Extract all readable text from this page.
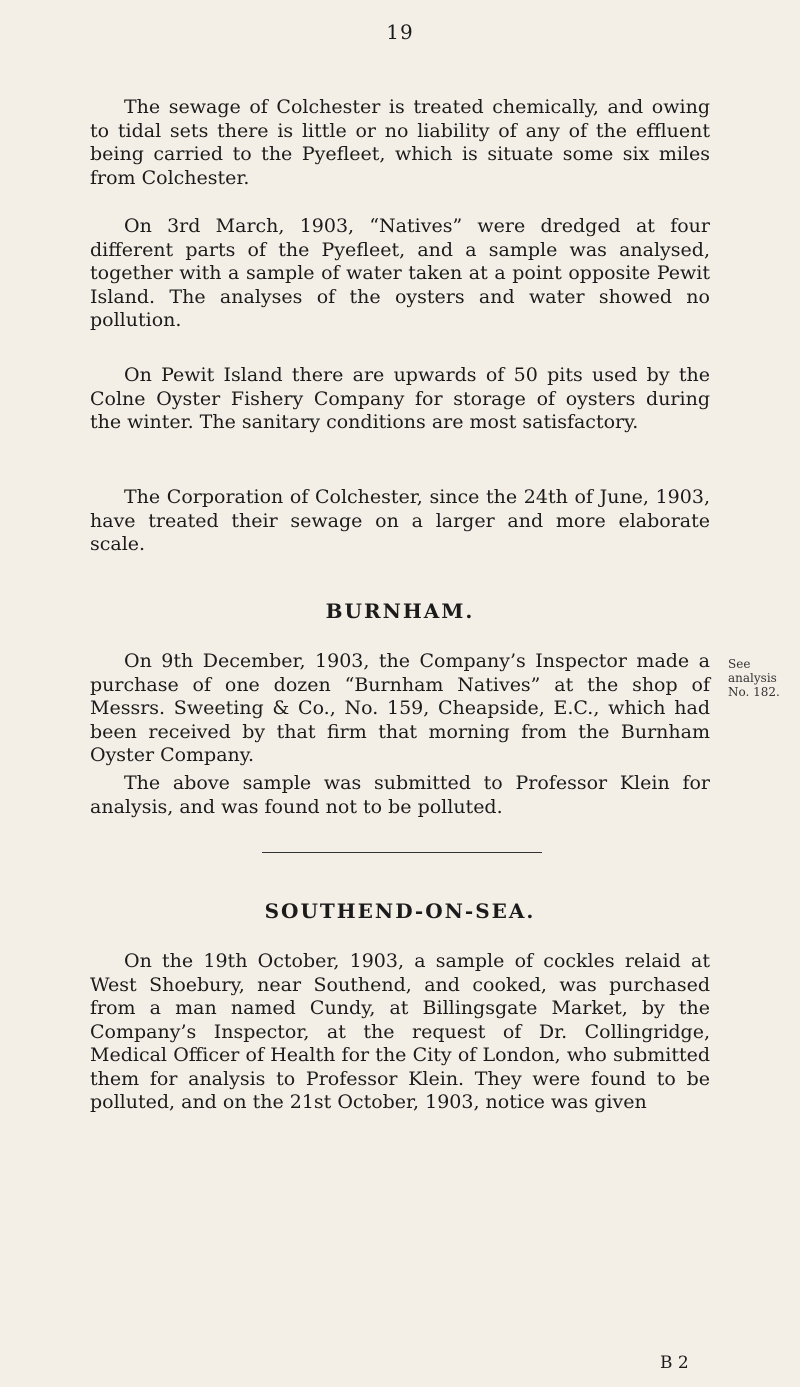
19

The sewage of Colchester is treated chemically, and owing to tidal sets there is little or no liability of any of the effluent being carried to the Pyefleet, which is situate some six miles from Colchester.

On 3rd March, 1903, “Natives” were dredged at four different parts of the Pyefleet, and a sample was analysed, together with a sample of water taken at a point opposite Pewit Island. The analyses of the oysters and water showed no pollution.

On Pewit Island there are upwards of 50 pits used by the Colne Oyster Fishery Company for storage of oysters during the winter. The sanitary conditions are most satisfactory.

The Corporation of Colchester, since the 24th of June, 1903, have treated their sewage on a larger and more elaborate scale.

BURNHAM.

On 9th December, 1903, the Company’s Inspector made a purchase of one dozen “Burnham Natives” at the shop of Messrs. Sweeting & Co., No. 159, Cheapside, E.C., which had been received by that firm that morning from the Burnham Oyster Company.

See analysis No. 182.

The above sample was submitted to Professor Klein for analysis, and was found not to be polluted.

SOUTHEND-ON-SEA.

On the 19th October, 1903, a sample of cockles relaid at West Shoebury, near Southend, and cooked, was purchased from a man named Cundy, at Billingsgate Market, by the Company’s Inspector, at the request of Dr. Collingridge, Medical Officer of Health for the City of London, who submitted them for analysis to Professor Klein. They were found to be polluted, and on the 21st October, 1903, notice was given

B 2
